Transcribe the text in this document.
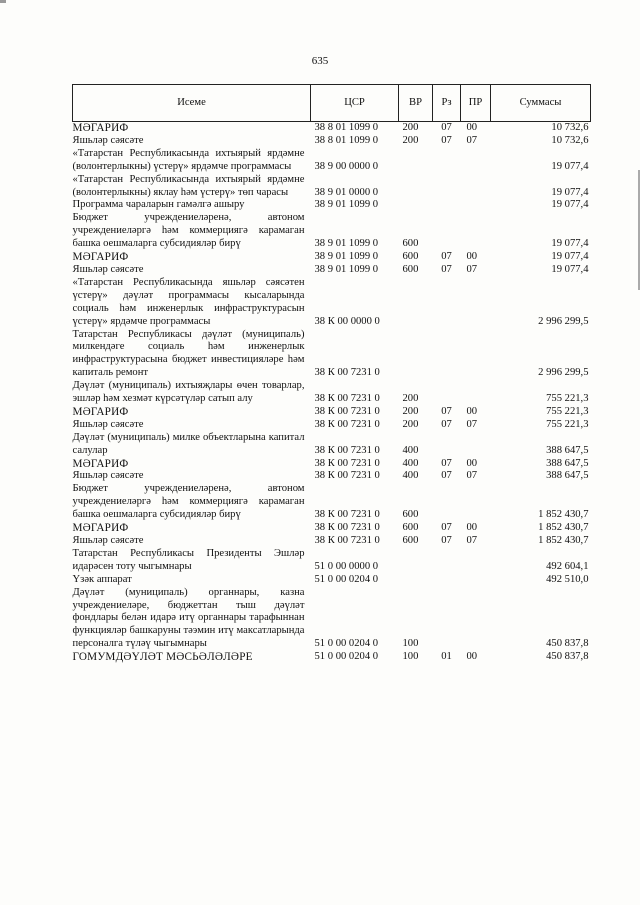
635
Исеме	ЦСР	ВР	Рз	ПР	Суммасы
МӘГАРИФ	38 8 01 1099 0	200	07	00	10 732,6
Яшьләр сәясәте	38 8 01 1099 0	200	07	07	10 732,6
«Татарстан Республикасында ихтыярый ярдәмне (волонтерлыкны) үстерү» ярдәмче программасы	38 9 00 0000 0				19 077,4
«Татарстан Республикасында ихтыярый ярдәмне (волонтерлыкны) яклау һәм үстерү» төп чарасы	38 9 01 0000 0				19 077,4
Программа чараларын гамәлгә ашыру	38 9 01 1099 0				19 077,4
Бюджет учреждениеләренә, автоном учреждениеләргә һәм коммерциягә карамаган башка оешмаларга субсидияләр бирү	38 9 01 1099 0	600			19 077,4
МӘГАРИФ	38 9 01 1099 0	600	07	00	19 077,4
Яшьләр сәясәте	38 9 01 1099 0	600	07	07	19 077,4
«Татарстан Республикасында яшьләр сәясәтен үстерү» дәүләт программасы кысаларында социаль һәм инженерлык инфраструктурасын үстерү» ярдәмче программасы	38 К 00 0000 0				2 996 299,5
Татарстан Республикасы дәүләт (муниципаль) милкендәге социаль һәм инженерлык инфраструктурасына бюджет инвестицияләре һәм капиталь ремонт	38 К 00 7231 0				2 996 299,5
Дәүләт (муниципаль) ихтыяҗлары өчен товарлар, эшләр һәм хезмәт күрсәтүләр сатып алу	38 К 00 7231 0	200			755 221,3
МӘГАРИФ	38 К 00 7231 0	200	07	00	755 221,3
Яшьләр сәясәте	38 К 00 7231 0	200	07	07	755 221,3
Дәүләт (муниципаль) милке объектларына капитал салулар	38 К 00 7231 0	400			388 647,5
МӘГАРИФ	38 К 00 7231 0	400	07	00	388 647,5
Яшьләр сәясәте	38 К 00 7231 0	400	07	07	388 647,5
Бюджет учреждениеләренә, автоном учреждениеләргә һәм коммерциягә карамаган башка оешмаларга субсидияләр бирү	38 К 00 7231 0	600			1 852 430,7
МӘГАРИФ	38 К 00 7231 0	600	07	00	1 852 430,7
Яшьләр сәясәте	38 К 00 7231 0	600	07	07	1 852 430,7
Татарстан Республикасы Президенты Эшләр идарәсен тоту чыгымнары	51 0 00 0000 0				492 604,1
Үзәк аппарат	51 0 00 0204 0				492 510,0
Дәүләт (муниципаль) органнары, казна учреждениеләре, бюджеттан тыш дәүләт фондлары белән идарә итү органнары тарафыннан функцияләр башкаруны тәэмин итү максатларында персоналга түләү чыгымнары	51 0 00 0204 0	100			450 837,8
ГОМУМДӘҮЛӘТ МӘСЬӘЛӘЛӘРЕ	51 0 00 0204 0	100	01	00	450 837,8
